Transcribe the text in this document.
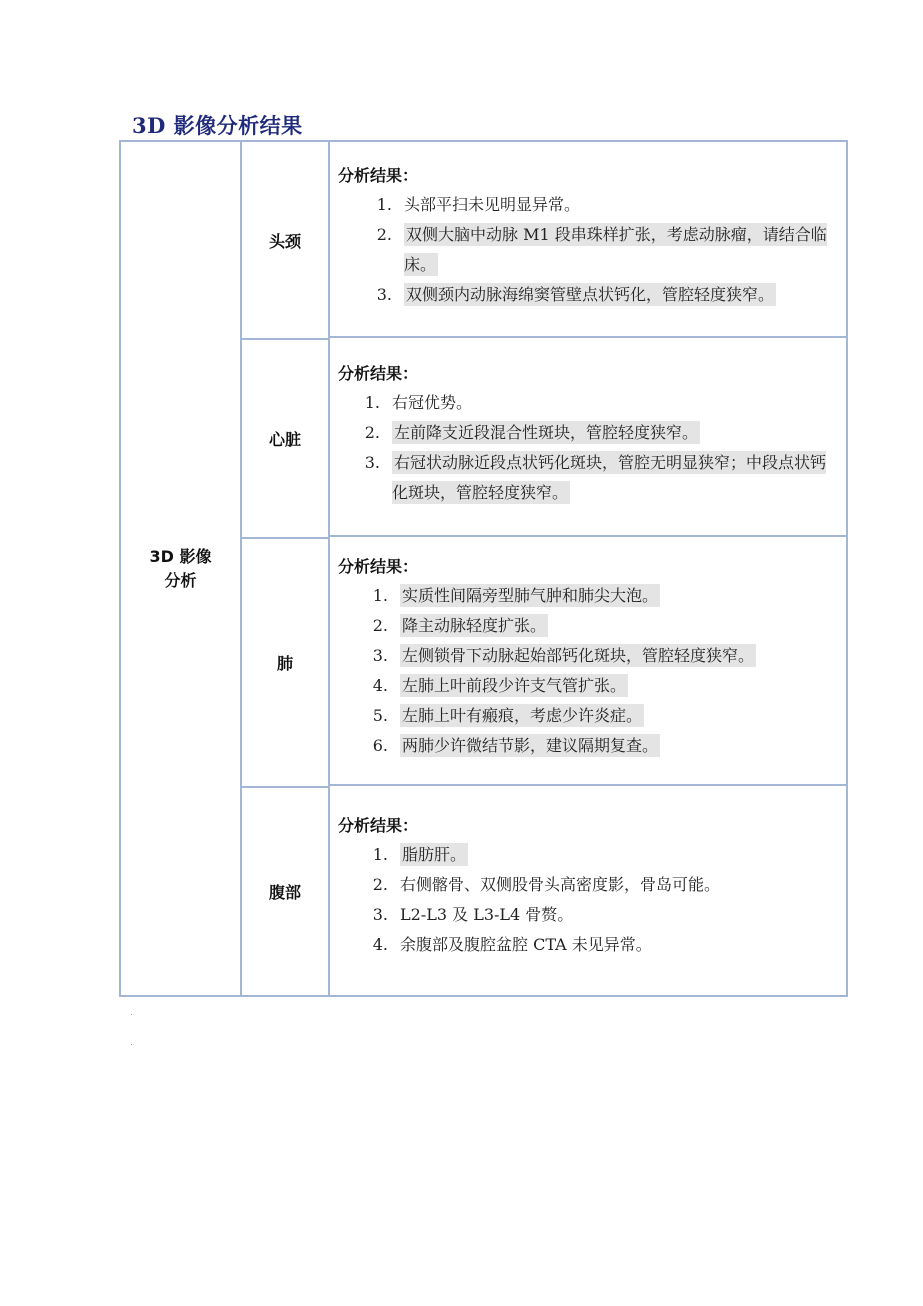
3D 影像分析结果
3D 影像
分析
头颈
分析结果：
1. 头部平扫未见明显异常。
2. 双侧大脑中动脉 M1 段串珠样扩张，考虑动脉瘤，请结合临床。
3. 双侧颈内动脉海绵窦管壁点状钙化，管腔轻度狭窄。
心脏
分析结果：
1. 右冠优势。
2. 左前降支近段混合性斑块，管腔轻度狭窄。
3. 右冠状动脉近段点状钙化斑块，管腔无明显狭窄；中段点状钙化斑块，管腔轻度狭窄。
肺
分析结果：
1. 实质性间隔旁型肺气肿和肺尖大泡。
2. 降主动脉轻度扩张。
3. 左侧锁骨下动脉起始部钙化斑块，管腔轻度狭窄。
4. 左肺上叶前段少许支气管扩张。
5. 左肺上叶有瘢痕，考虑少许炎症。
6. 两肺少许微结节影，建议隔期复查。
腹部
分析结果：
1. 脂肪肝。
2. 右侧髂骨、双侧股骨头高密度影，骨岛可能。
3. L2-L3 及 L3-L4 骨赘。
4. 余腹部及腹腔盆腔 CTA 未见异常。
